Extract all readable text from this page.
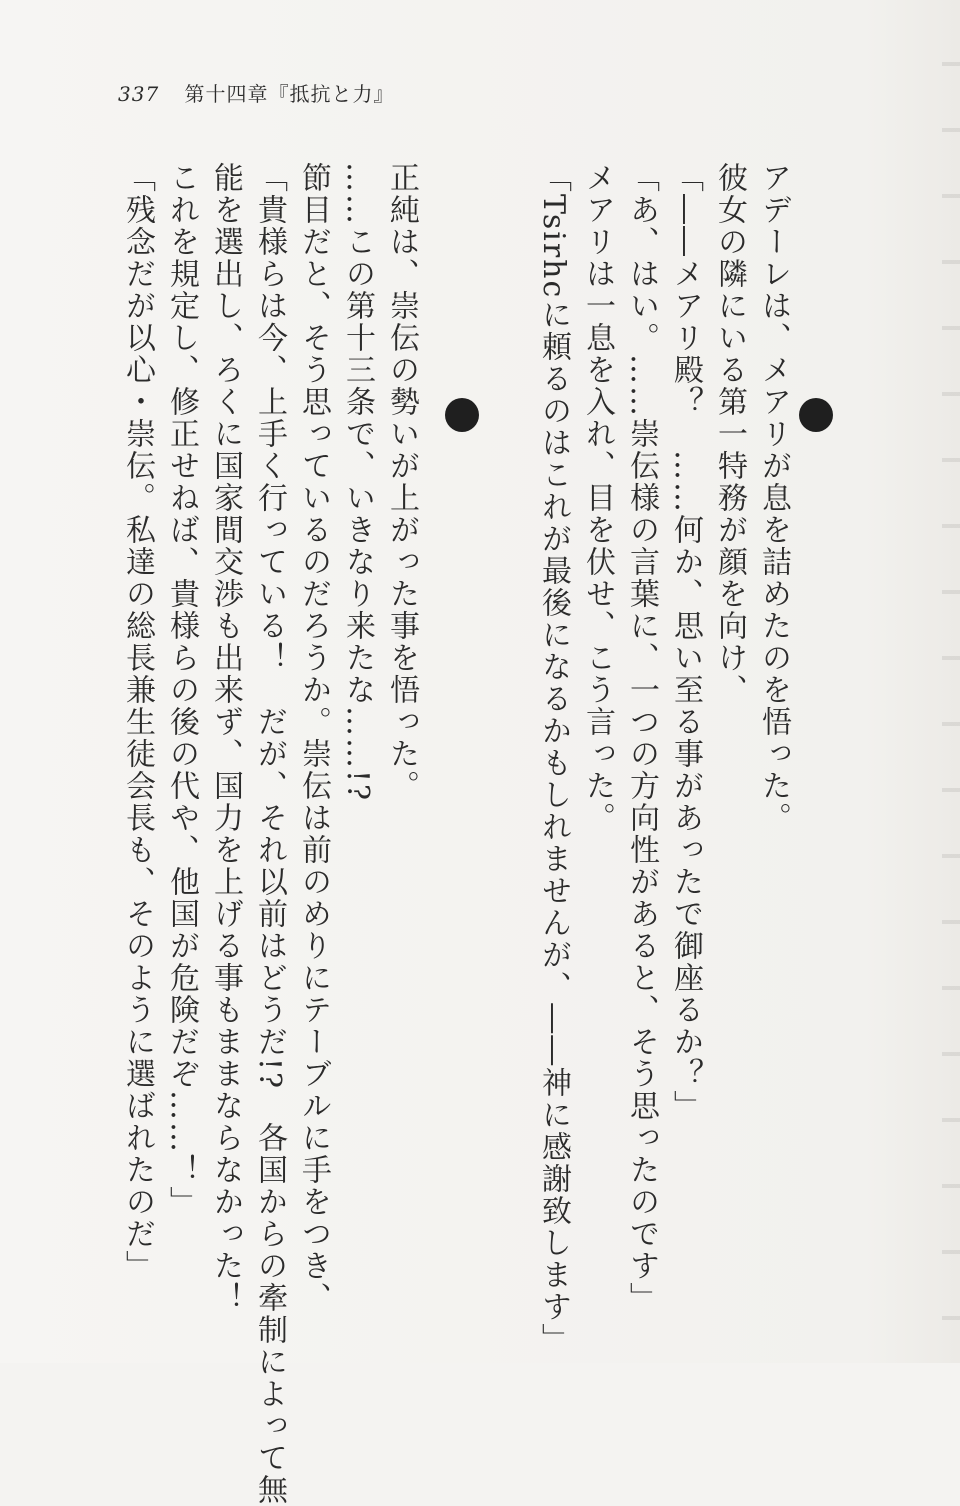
337 第十四章『抵抗と力』
アデーレは、メアリが息を詰めたのを悟った。
彼女の隣にいる第一特務が顔を向け、
「――メアリ殿？　……何か、思い至る事があったで御座るか？」
「あ、はい。……崇伝様の言葉に、一つの方向性があると、そう思ったのです」
メアリは一息を入れ、目を伏せ、こう言った。
「Tsirhcに頼るのはこれが最後になるかもしれませんが、――神に感謝致します」
正純は、崇伝の勢いが上がった事を悟った。
……この第十三条で、いきなり来たな……!?
節目だと、そう思っているのだろうか。崇伝は前のめりにテーブルに手をつき、
「貴様らは今、上手く行っている！　だが、それ以前はどうだ!?　各国からの牽制によって無
能を選出し、ろくに国家間交渉も出来ず、国力を上げる事もままならなかった！
これを規定し、修正せねば、貴様らの後の代や、他国が危険だぞ……！」
「残念だが以心・崇伝。私達の総長兼生徒会長も、そのように選ばれたのだ」
